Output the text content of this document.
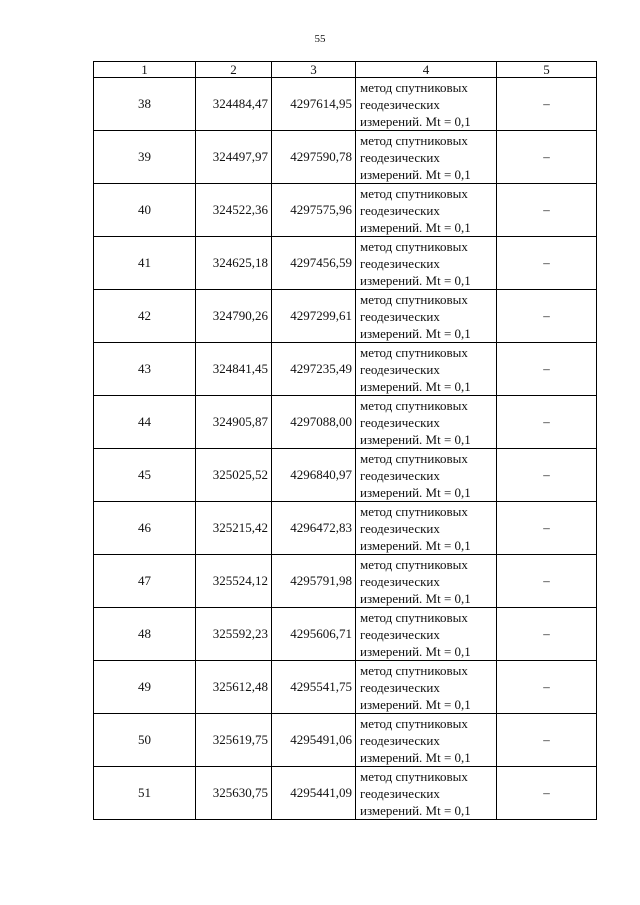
55
1	2	3	4	5
38	324484,47	4297614,95	метод спутниковых
геодезических
измерений. Mt = 0,1	–
39	324497,97	4297590,78	метод спутниковых
геодезических
измерений. Mt = 0,1	–
40	324522,36	4297575,96	метод спутниковых
геодезических
измерений. Mt = 0,1	–
41	324625,18	4297456,59	метод спутниковых
геодезических
измерений. Mt = 0,1	–
42	324790,26	4297299,61	метод спутниковых
геодезических
измерений. Mt = 0,1	–
43	324841,45	4297235,49	метод спутниковых
геодезических
измерений. Mt = 0,1	–
44	324905,87	4297088,00	метод спутниковых
геодезических
измерений. Mt = 0,1	–
45	325025,52	4296840,97	метод спутниковых
геодезических
измерений. Mt = 0,1	–
46	325215,42	4296472,83	метод спутниковых
геодезических
измерений. Mt = 0,1	–
47	325524,12	4295791,98	метод спутниковых
геодезических
измерений. Mt = 0,1	–
48	325592,23	4295606,71	метод спутниковых
геодезических
измерений. Mt = 0,1	–
49	325612,48	4295541,75	метод спутниковых
геодезических
измерений. Mt = 0,1	–
50	325619,75	4295491,06	метод спутниковых
геодезических
измерений. Mt = 0,1	–
51	325630,75	4295441,09	метод спутниковых
геодезических
измерений. Mt = 0,1	–
